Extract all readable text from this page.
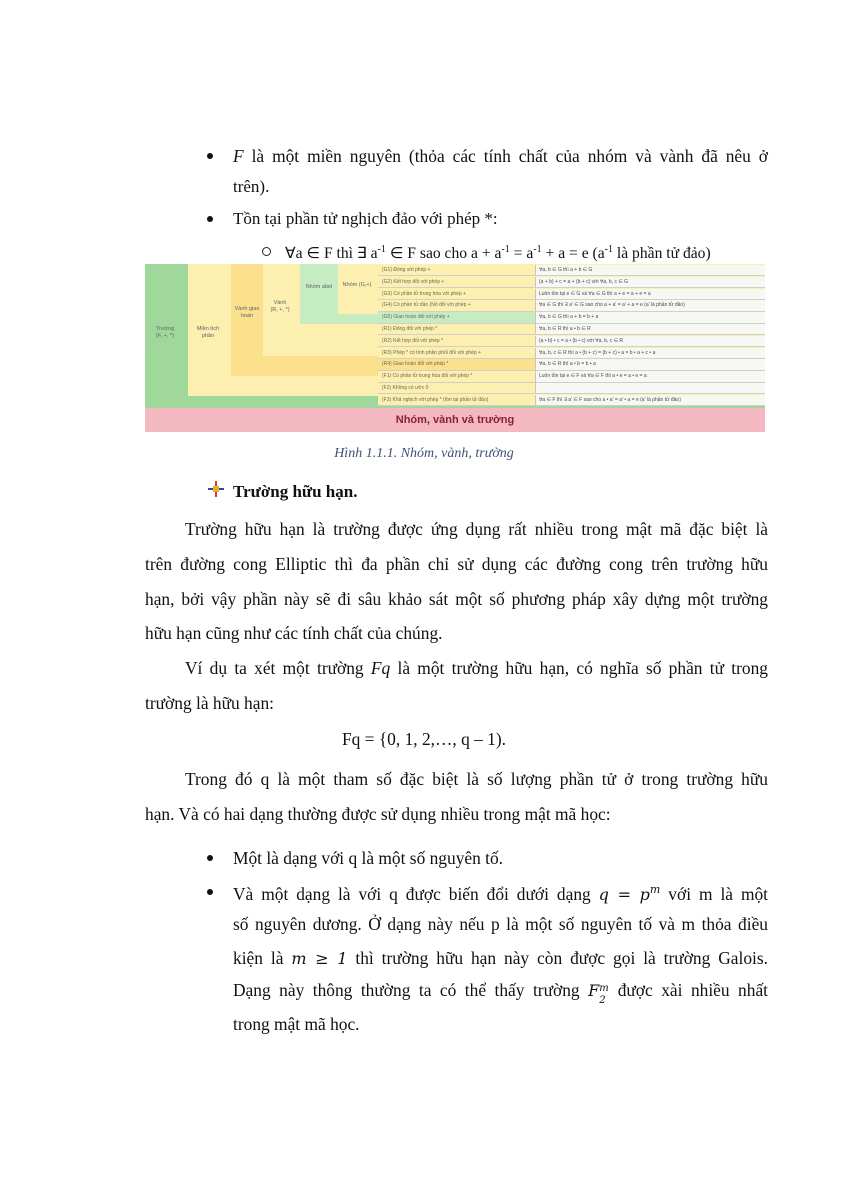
F là một miền nguyên (thỏa các tính chất của nhóm và vành đã nêu ở
trên).
Tồn tại phần tử nghịch đảo với phép *:
∀a ∈ F thì ∃ $a^{-1}$ ∈ F sao cho $a + a^{-1} = a^{-1} + a = e$ ($a^{-1}$ là phần tử đảo)
Trường
(F, +, *)
Miền tích
phân
Vành giao
hoán
Vành
(R, +, *)
Nhóm abel	Nhóm (G,+)
(G1) Đóng với phép +	∀a, b ∈ G thì a + b ∈ G
(G2) Kết hợp đối với phép +	(a + b) + c = a + (b + c) với ∀a, b, c ∈ G
(G3) Có phần tử trung hòa với phép +	Luôn tồn tại e ∈ G và ∀a ∈ G thì a + e = a + e = a
(G4) Có phần tử đảo (Nó đối với phép +	∀a ∈ G thì ∃ a' ∈ G sao cho a + a' = a' + a = e (a' là phần tử đảo)
(G5) Giao hoán đối với phép +	∀a, b ∈ G thì a + b = b + a
(R1) Đóng đối với phép *	∀a, b ∈ R thì a • b ∈ R
(R2) Kết hợp đối với phép *	(a • b) • c = a • (b • c) với ∀a, b, c ∈ R
(R3) Phép * có tính phân phối đối với phép +	∀a, b, c ∈ R thì a • (b + c) = (b + c) • a = b • a + c • a
(R4) Giao hoán đối với phép *	∀a, b ∈ R thì a • b = b • a
(F1) Có phần tử trung hòa đối với phép *	Luôn tồn tại e ∈ F và ∀a ∈ F thì a • e = a • e = a
(F2) Không có ước 0
(F3) Khả nghịch với phép * (tồn tại phần tử đảo)	∀a ∈ F thì ∃ a' ∈ F sao cho a • a' = a' • a = e (a' là phần tử đảo)
Nhóm, vành và trường
Hình 1.1.1. Nhóm, vành, trường
Trường hữu hạn.
Trường hữu hạn là trường được ứng dụng rất nhiều trong mật mã đặc biệt là
trên đường cong Elliptic thì đa phần chỉ sử dụng các đường cong trên trường hữu
hạn, bởi vậy phần này sẽ đi sâu khảo sát một số phương pháp xây dựng một trường
hữu hạn cũng như các tính chất của chúng.
Ví dụ ta xét một trường Fq là một trường hữu hạn, có nghĩa số phần tử trong
trường là hữu hạn:
Fq = {0, 1, 2,…, q – 1).
Trong đó q là một tham số đặc biệt là số lượng phần tử ở trong trường hữu
hạn. Và có hai dạng thường được sử dụng nhiều trong mật mã học:
Một là dạng với q là một số nguyên tố.
Và một dạng là với q được biến đổi dưới dạng $q = p^m$ với m là một
số nguyên dương. Ở dạng này nếu p là một số nguyên tố và m thỏa điều
kiện là m ≥ 1 thì trường hữu hạn này còn được gọi là trường Galois.
Dạng này thông thường ta có thể thấy trường F m
2
được xài nhiều nhất
trong mật mã học.
